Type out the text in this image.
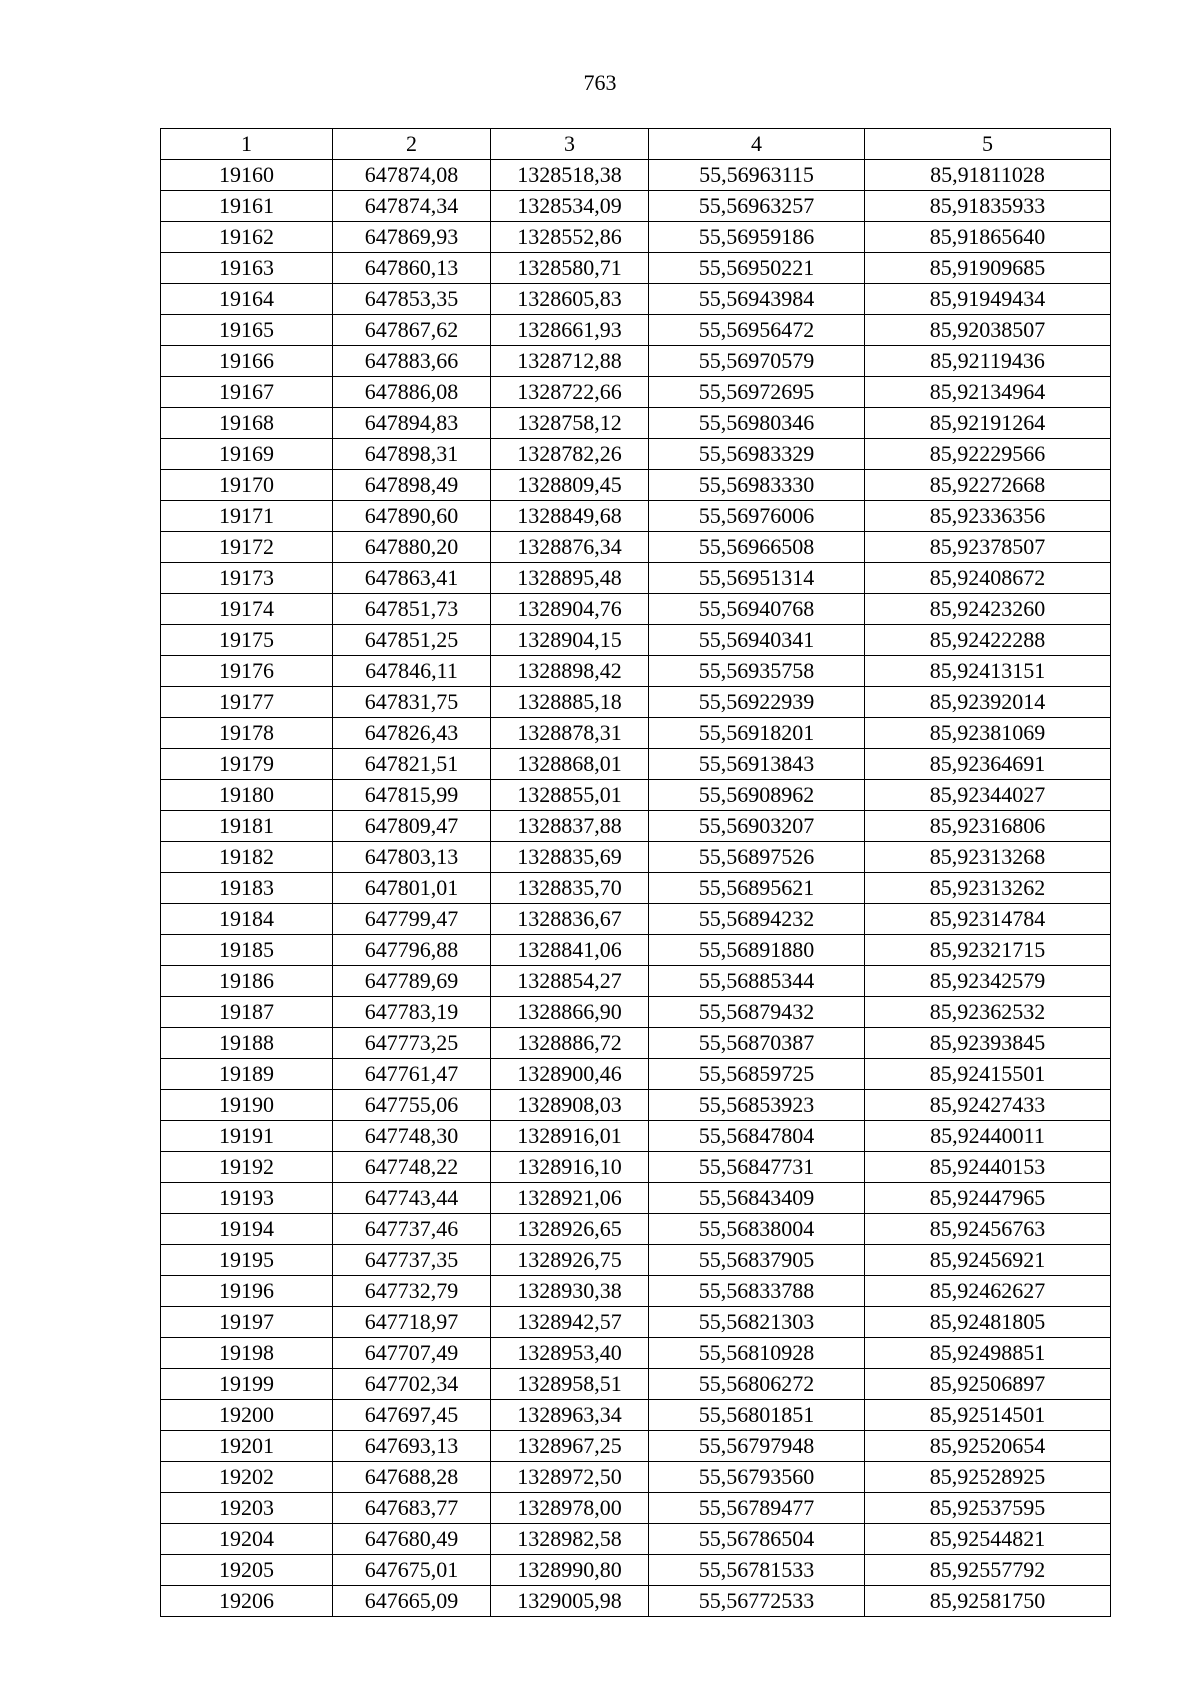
763
1	2	3	4	5
19160	647874,08	1328518,38	55,56963115	85,91811028
19161	647874,34	1328534,09	55,56963257	85,91835933
19162	647869,93	1328552,86	55,56959186	85,91865640
19163	647860,13	1328580,71	55,56950221	85,91909685
19164	647853,35	1328605,83	55,56943984	85,91949434
19165	647867,62	1328661,93	55,56956472	85,92038507
19166	647883,66	1328712,88	55,56970579	85,92119436
19167	647886,08	1328722,66	55,56972695	85,92134964
19168	647894,83	1328758,12	55,56980346	85,92191264
19169	647898,31	1328782,26	55,56983329	85,92229566
19170	647898,49	1328809,45	55,56983330	85,92272668
19171	647890,60	1328849,68	55,56976006	85,92336356
19172	647880,20	1328876,34	55,56966508	85,92378507
19173	647863,41	1328895,48	55,56951314	85,92408672
19174	647851,73	1328904,76	55,56940768	85,92423260
19175	647851,25	1328904,15	55,56940341	85,92422288
19176	647846,11	1328898,42	55,56935758	85,92413151
19177	647831,75	1328885,18	55,56922939	85,92392014
19178	647826,43	1328878,31	55,56918201	85,92381069
19179	647821,51	1328868,01	55,56913843	85,92364691
19180	647815,99	1328855,01	55,56908962	85,92344027
19181	647809,47	1328837,88	55,56903207	85,92316806
19182	647803,13	1328835,69	55,56897526	85,92313268
19183	647801,01	1328835,70	55,56895621	85,92313262
19184	647799,47	1328836,67	55,56894232	85,92314784
19185	647796,88	1328841,06	55,56891880	85,92321715
19186	647789,69	1328854,27	55,56885344	85,92342579
19187	647783,19	1328866,90	55,56879432	85,92362532
19188	647773,25	1328886,72	55,56870387	85,92393845
19189	647761,47	1328900,46	55,56859725	85,92415501
19190	647755,06	1328908,03	55,56853923	85,92427433
19191	647748,30	1328916,01	55,56847804	85,92440011
19192	647748,22	1328916,10	55,56847731	85,92440153
19193	647743,44	1328921,06	55,56843409	85,92447965
19194	647737,46	1328926,65	55,56838004	85,92456763
19195	647737,35	1328926,75	55,56837905	85,92456921
19196	647732,79	1328930,38	55,56833788	85,92462627
19197	647718,97	1328942,57	55,56821303	85,92481805
19198	647707,49	1328953,40	55,56810928	85,92498851
19199	647702,34	1328958,51	55,56806272	85,92506897
19200	647697,45	1328963,34	55,56801851	85,92514501
19201	647693,13	1328967,25	55,56797948	85,92520654
19202	647688,28	1328972,50	55,56793560	85,92528925
19203	647683,77	1328978,00	55,56789477	85,92537595
19204	647680,49	1328982,58	55,56786504	85,92544821
19205	647675,01	1328990,80	55,56781533	85,92557792
19206	647665,09	1329005,98	55,56772533	85,92581750
